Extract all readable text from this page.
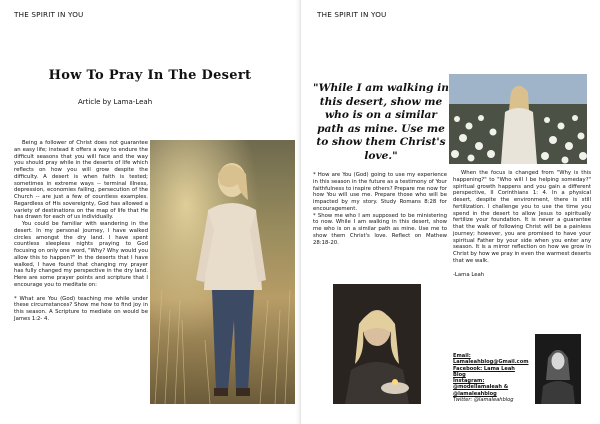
THE SPIRIT IN YOU
How To Pray In The Desert
Article by Lama-Leah

Being a follower of Christ does not guarantee an easy life; instead it offers a way to endure the difficult seasons that you will face and the way you should pray while in the deserts of life which reflects on how you will grow despite the difficulty. A desert is when faith is tested; sometimes in extreme ways -- terminal illness, depression, economies failing, persecution of the Church -- are just a few of countless examples. Regardless of His sovereignty, God has allowed a variety of destinations on the map of life that He has drawn for each of us individually.

You could be familiar with wandering in the desert. In my personal journey, I have walked circles amongst the dry land. I have spent countless sleepless nights praying to God focusing on only one word, "Why? Why would you allow this to happen?" In the deserts that I have walked, I have found that changing my prayer has fully changed my perspective in the dry land. Here are some prayer points and scripture that I encourage you to meditate on:

* What are You (God) teaching me while under these circumstances? Show me how to find joy in this season. A Scripture to mediate on would be James 1:2- 4.

THE SPIRIT IN YOU
"While I am walking in this desert, show me who is on a similar path as mine. Use me to show them Christ's love."

* How are You (God) going to use my experience in this season in the future as a testimony of Your faithfulness to inspire others? Prepare me now for how You will use me. Prepare those who will be impacted by my story. Study Romans 8:28 for encouragement.

* Show me who I am supposed to be ministering to now. While I am walking in this desert, show me who is on a similar path as mine. Use me to show them Christ's love. Reflect on Mathew 28:18-20.

When the focus is changed from "Why is this happening?" to "Who will I be helping someday?" spiritual growth happens and you gain a different perspective, II Corinthians 1: 4. In a physical desert, despite the environment, there is still fertilization. I challenge you to use the time you spend in the desert to allow Jesus to spiritually fertilize your foundation. It is never a guarantee that the walk of following Christ will be a painless journey; however, you are promised to have your spiritual Father by your side when you enter any season. It is a mirror reflection on how we grow in Christ by how we pray in even the warmest deserts that we walk.

-Lama Leah

Email:
Lamaleahblog@Gmail.com
Facebook: Lama Leah Blog
Instagram:
@modellamaleah &
@lamaleahblog
Twitter: @lamaleahblog
